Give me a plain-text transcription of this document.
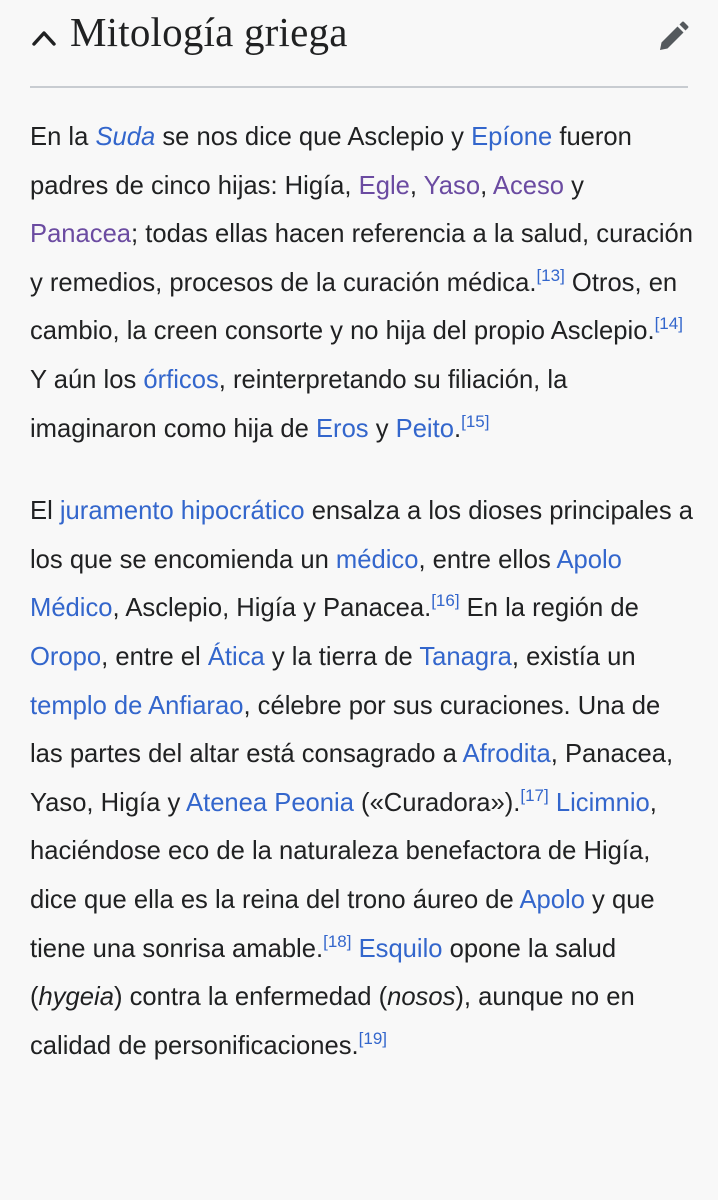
Mitología griega

En la Suda se nos dice que Asclepio y Epíone fueron padres de cinco hijas: Higía, Egle, Yaso, Aceso y Panacea; todas ellas hacen referencia a la salud, curación y remedios, procesos de la curación médica.[13] Otros, en cambio, la creen consorte y no hija del propio Asclepio.[14] Y aún los órficos, reinterpretando su filiación, la imaginaron como hija de Eros y Peito.[15]

El juramento hipocrático ensalza a los dioses principales a los que se encomienda un médico, entre ellos Apolo Médico, Asclepio, Higía y Panacea.[16] En la región de Oropo, entre el Ática y la tierra de Tanagra, existía un templo de Anfiarao, célebre por sus curaciones. Una de las partes del altar está consagrado a Afrodita, Panacea, Yaso, Higía y Atenea Peonia («Curadora»).[17] Licimnio, haciéndose eco de la naturaleza benefactora de Higía, dice que ella es la reina del trono áureo de Apolo y que tiene una sonrisa amable.[18] Esquilo opone la salud (hygeia) contra la enfermedad (nosos), aunque no en calidad de personificaciones.[19]
